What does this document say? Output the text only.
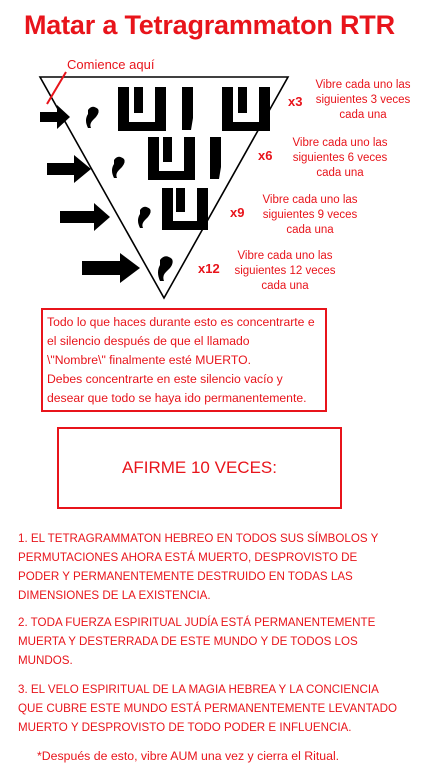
Matar a Tetragrammaton RTR
Comience aquí
x3
Vibre cada uno las
siguientes 3 veces
cada una
x6
Vibre cada uno las
siguientes 6 veces
cada una
x9
Vibre cada uno las
siguientes 9 veces
cada una
x12
Vibre cada uno las
siguientes 12 veces
cada una
Todo lo que haces durante esto es concentrarte e
el silencio después de que el llamado
\"Nombre\" finalmente esté MUERTO.
Debes concentrarte en este silencio vacío y
desear que todo se haya ido permanentemente.
AFIRME 10 VECES:
1. EL TETRAGRAMMATON HEBREO EN TODOS SUS SÍMBOLOS Y
PERMUTACIONES AHORA ESTÁ MUERTO, DESPROVISTO DE
PODER Y PERMANENTEMENTE DESTRUIDO EN TODAS LAS
DIMENSIONES DE LA EXISTENCIA.
2. TODA FUERZA ESPIRITUAL JUDÍA ESTÁ PERMANENTEMENTE
MUERTA Y DESTERRADA DE ESTE MUNDO Y DE TODOS LOS
MUNDOS.
3. EL VELO ESPIRITUAL DE LA MAGIA HEBREA Y LA CONCIENCIA
QUE CUBRE ESTE MUNDO ESTÁ PERMANENTEMENTE LEVANTADO
MUERTO Y DESPROVISTO DE TODO PODER E INFLUENCIA.
*Después de esto, vibre AUM una vez y cierra el Ritual.
